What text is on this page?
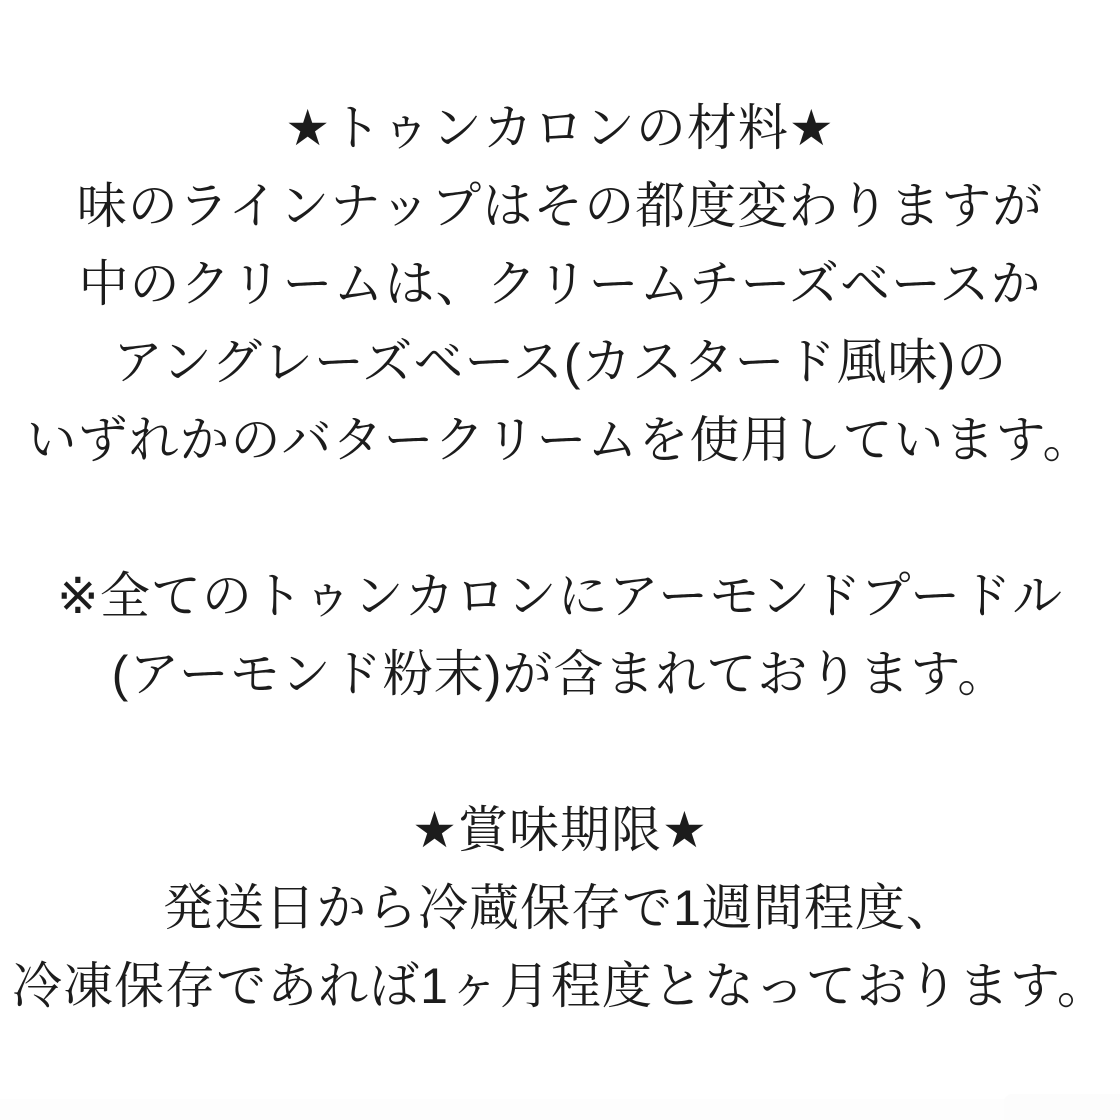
★トゥンカロンの材料★
味のラインナップはその都度変わりますが
中のクリームは、クリームチーズベースか
アングレーズベース(カスタード風味)の
いずれかのバタークリームを使用しています。
※全てのトゥンカロンにアーモンドプードル
(アーモンド粉末)が含まれております。
★賞味期限★
発送日から冷蔵保存で1週間程度、
冷凍保存であれば1ヶ月程度となっております。
